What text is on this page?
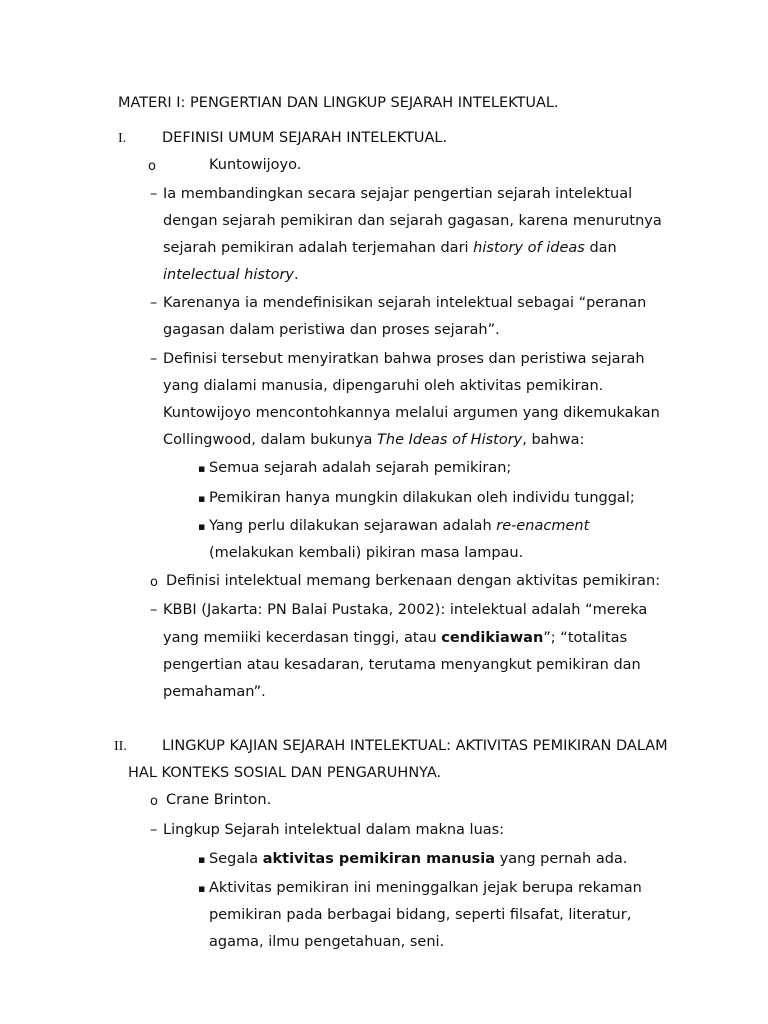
MATERI I: PENGERTIAN DAN LINGKUP SEJARAH INTELEKTUAL.
I. DEFINISI UMUM SEJARAH INTELEKTUAL.
o	Kuntowijoyo.
– Ia membandingkan secara sejajar pengertian sejarah intelektual
dengan sejarah pemikiran dan sejarah gagasan, karena menurutnya
sejarah pemikiran adalah terjemahan dari history of ideas dan
intelectual history.
– Karenanya ia mendefinisikan sejarah intelektual sebagai “peranan
gagasan dalam peristiwa dan proses sejarah”.
– Definisi tersebut menyiratkan bahwa proses dan peristiwa sejarah
yang dialami manusia, dipengaruhi oleh aktivitas pemikiran.
Kuntowijoyo mencontohkannya melalui argumen yang dikemukakan
Collingwood, dalam bukunya The Ideas of History, bahwa:
▪ Semua sejarah adalah sejarah pemikiran;
▪ Pemikiran hanya mungkin dilakukan oleh individu tunggal;
▪ Yang perlu dilakukan sejarawan adalah re-enacment
(melakukan kembali) pikiran masa lampau.
o Definisi intelektual memang berkenaan dengan aktivitas pemikiran:
– KBBI (Jakarta: PN Balai Pustaka, 2002): intelektual adalah “mereka
yang memiiki kecerdasan tinggi, atau cendikiawan”; “totalitas
pengertian atau kesadaran, terutama menyangkut pemikiran dan
pemahaman”.
II. LINGKUP KAJIAN SEJARAH INTELEKTUAL: AKTIVITAS PEMIKIRAN DALAM
HAL KONTEKS SOSIAL DAN PENGARUHNYA.
o Crane Brinton.
– Lingkup Sejarah intelektual dalam makna luas:
▪ Segala aktivitas pemikiran manusia yang pernah ada.
▪ Aktivitas pemikiran ini meninggalkan jejak berupa rekaman
pemikiran pada berbagai bidang, seperti filsafat, literatur,
agama, ilmu pengetahuan, seni.
